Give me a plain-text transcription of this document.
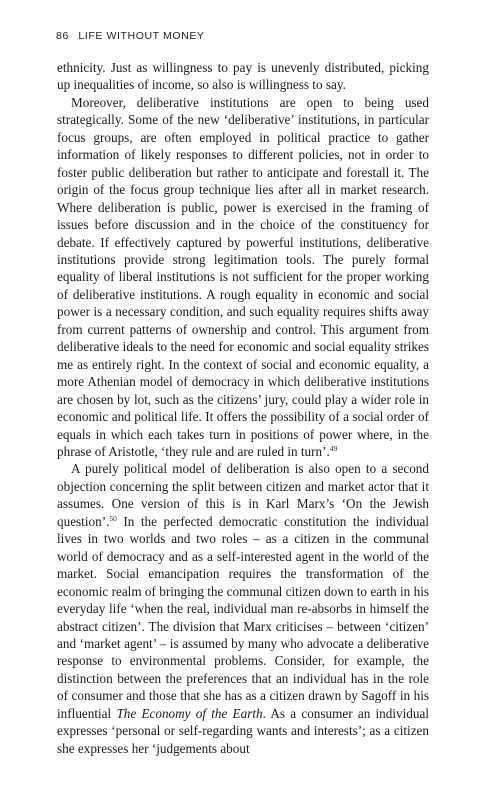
86 LIFE WITHOUT MONEY

ethnicity. Just as willingness to pay is unevenly distributed, picking up inequalities of income, so also is willingness to say.

Moreover, deliberative institutions are open to being used strategically. Some of the new ‘deliberative’ institutions, in particular focus groups, are often employed in political practice to gather information of likely responses to different policies, not in order to foster public deliberation but rather to anticipate and forestall it. The origin of the focus group technique lies after all in market research. Where deliberation is public, power is exercised in the framing of issues before discussion and in the choice of the constituency for debate. If effectively captured by powerful institutions, deliberative institutions provide strong legitimation tools. The purely formal equality of liberal institutions is not sufficient for the proper working of deliberative institutions. A rough equality in economic and social power is a necessary condition, and such equality requires shifts away from current patterns of ownership and control. This argument from deliberative ideals to the need for economic and social equality strikes me as entirely right. In the context of social and economic equality, a more Athenian model of democracy in which deliberative institutions are chosen by lot, such as the citizens’ jury, could play a wider role in economic and political life. It offers the possibility of a social order of equals in which each takes turn in positions of power where, in the phrase of Aristotle, ‘they rule and are ruled in turn’.$^{49}$

A purely political model of deliberation is also open to a second objection concerning the split between citizen and market actor that it assumes. One version of this is in Karl Marx’s ‘On the Jewish question’.$^{50}$ In the perfected democratic constitution the individual lives in two worlds and two roles – as a citizen in the communal world of democracy and as a self-interested agent in the world of the market. Social emancipation requires the transformation of the economic realm of bringing the communal citizen down to earth in his everyday life ‘when the real, individual man re-absorbs in himself the abstract citizen’. The division that Marx criticises – between ‘citizen’ and ‘market agent’ – is assumed by many who advocate a deliberative response to environmental problems. Consider, for example, the distinction between the preferences that an individual has in the role of consumer and those that she has as a citizen drawn by Sagoff in his influential The Economy of the Earth. As a consumer an individual expresses ‘personal or self-regarding wants and interests’; as a citizen she expresses her ‘judgements about
